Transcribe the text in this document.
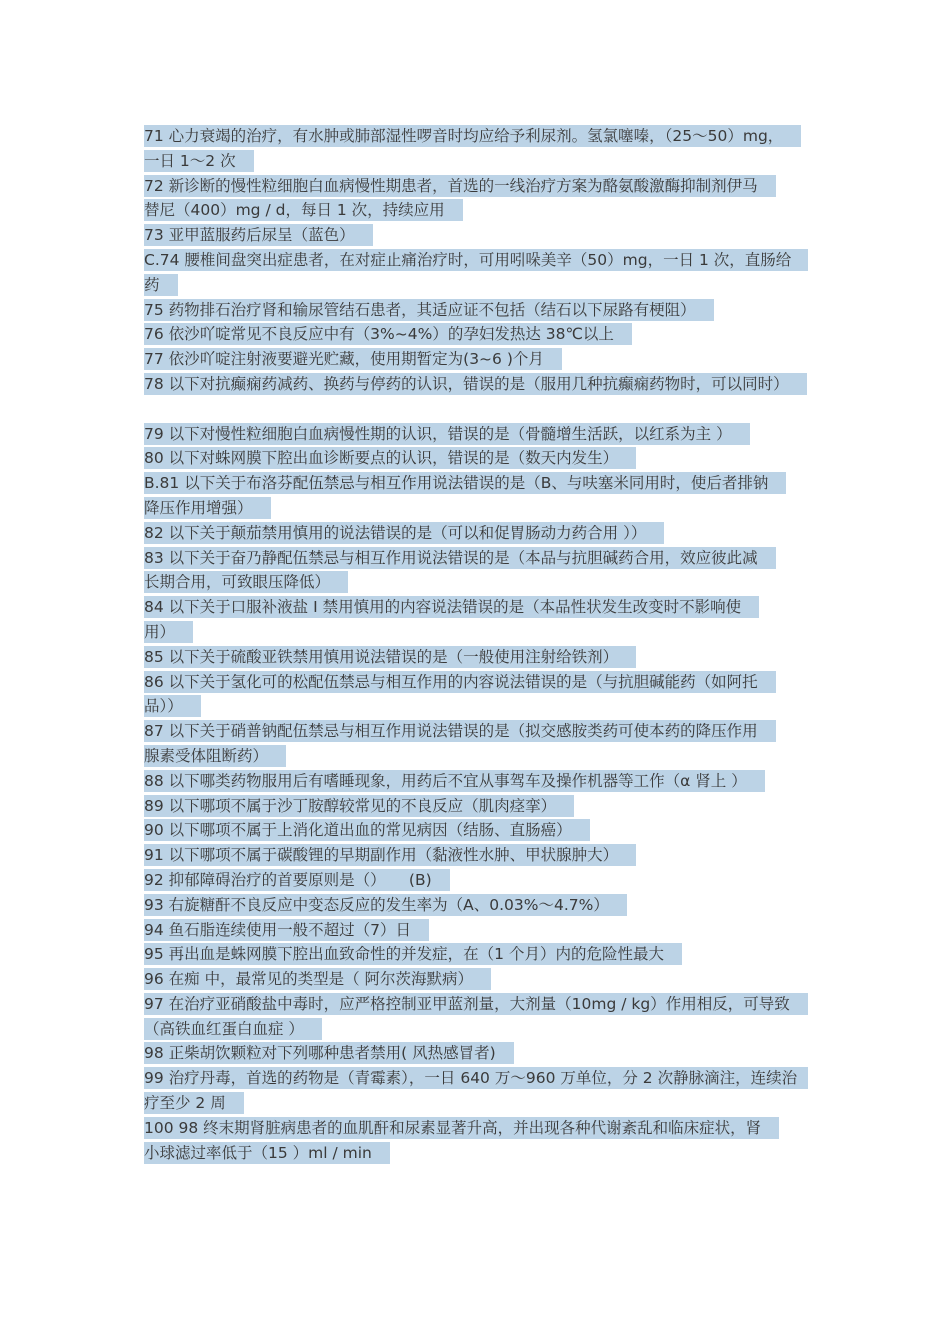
71 心力衰竭的治疗，有水肿或肺部湿性啰音时均应给予利尿剂。氢氯噻嗪，（25～50）mg，
一日 1～2 次
72 新诊断的慢性粒细胞白血病慢性期患者，首选的一线治疗方案为酪氨酸激酶抑制剂伊马
替尼（400）mg / d，每日 1 次，持续应用
73 亚甲蓝服药后尿呈（蓝色）
C.74 腰椎间盘突出症患者，在对症止痛治疗时，可用吲哚美辛（50）mg，一日 1 次，直肠给
药
75 药物排石治疗肾和输尿管结石患者，其适应证不包括（结石以下尿路有梗阻）
76 依沙吖啶常见不良反应中有（3%~4%）的孕妇发热达 38℃以上
77 依沙吖啶注射液要避光贮藏，使用期暂定为(3~6 )个月
78 以下对抗癫痫药减药、换药与停药的认识，错误的是（服用几种抗癫痫药物时，可以同时）
79 以下对慢性粒细胞白血病慢性期的认识，错误的是（骨髓增生活跃，以红系为主 ）
80 以下对蛛网膜下腔出血诊断要点的认识，错误的是（数天内发生）
B.81 以下关于布洛芬配伍禁忌与相互作用说法错误的是（B、与呋塞米同用时，使后者排钠
降压作用增强）
82 以下关于颠茄禁用慎用的说法错误的是（可以和促胃肠动力药合用 ））
83 以下关于奋乃静配伍禁忌与相互作用说法错误的是（本品与抗胆碱药合用，效应彼此减
长期合用，可致眼压降低）
84 以下关于口服补液盐 Ⅰ 禁用慎用的内容说法错误的是（本品性状发生改变时不影响使
用）
85 以下关于硫酸亚铁禁用慎用说法错误的是（一般使用注射给铁剂）
86 以下关于氢化可的松配伍禁忌与相互作用的内容说法错误的是（与抗胆碱能药（如阿托
品））
87 以下关于硝普钠配伍禁忌与相互作用说法错误的是（拟交感胺类药可使本药的降压作用
腺素受体阻断药）
88 以下哪类药物服用后有嗜睡现象，用药后不宜从事驾车及操作机器等工作（α 肾上 ）
89 以下哪项不属于沙丁胺醇较常见的不良反应（肌肉痉挛）
90 以下哪项不属于上消化道出血的常见病因（结肠、直肠癌）
91 以下哪项不属于碳酸锂的早期副作用（黏液性水肿、甲状腺肿大）
92 抑郁障碍治疗的首要原则是（）　　(B)
93 右旋糖酐不良反应中变态反应的发生率为（A、0.03%～4.7%）
94 鱼石脂连续使用一般不超过（7）日
95 再出血是蛛网膜下腔出血致命性的并发症，在（1 个月）内的危险性最大
96 在痴 中，最常见的类型是（ 阿尔茨海默病）
97 在治疗亚硝酸盐中毒时，应严格控制亚甲蓝剂量，大剂量（10mg / kg）作用相反，可导致
（高铁血红蛋白血症 ）
98 正柴胡饮颗粒对下列哪种患者禁用( 风热感冒者)
99 治疗丹毒，首选的药物是（青霉素），一日 640 万～960 万单位，分 2 次静脉滴注，连续治
疗至少 2 周
100 98 终末期肾脏病患者的血肌酐和尿素显著升高，并出现各种代谢紊乱和临床症状，肾
小球滤过率低于（15 ）ml / min
